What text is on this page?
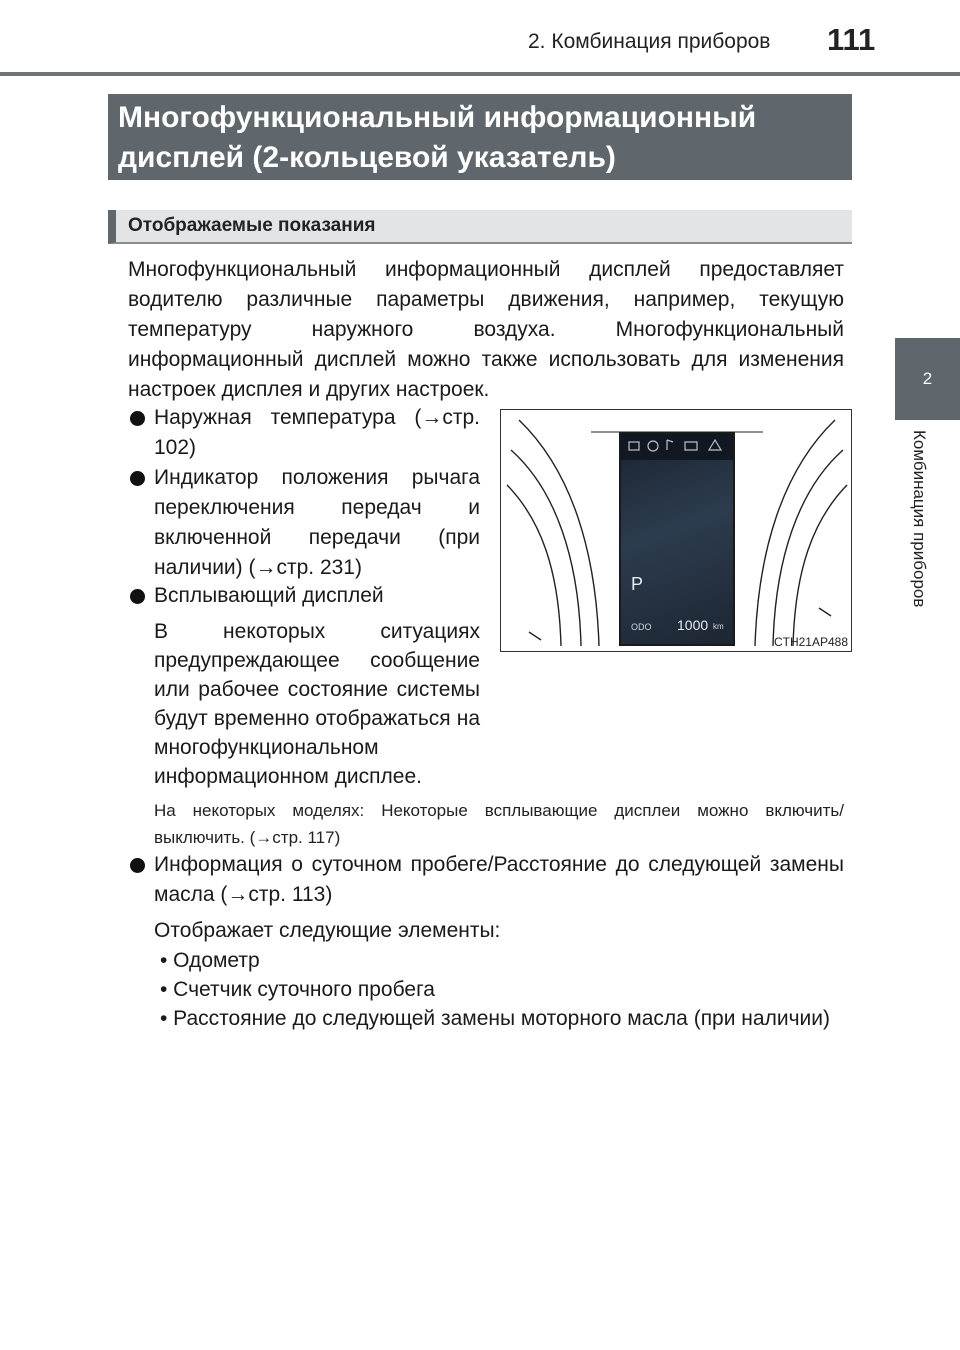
2. Комбинация приборов 111
2
Комбинация приборов
Многофункциональный информационный
дисплей (2-кольцевой указатель)
Отображаемые показания
Многофункциональный информационный дисплей предоставляет водителю различные параметры движения, например, текущую температуру наружного воздуха. Многофункциональный информационный дисплей можно также использовать для изменения настроек дисплея и других настроек.
Наружная температура (→стр. 102)
Индикатор положения рычага переключения передач и включенной передачи (при наличии) (→стр. 231)
Всплывающий дисплей
В некоторых ситуациях предупреждающее сообщение или рабочее состояние системы будут временно отображаться на многофункциональном информационном дисплее.
На некоторых моделях: Некоторые всплывающие дисплеи можно включить/выключить. (→стр. 117)
Информация о суточном пробеге/Расстояние до следующей замены масла (→стр. 113)
Отображает следующие элементы:
• Одометр
• Счетчик суточного пробега
• Расстояние до следующей замены моторного масла (при наличии)
P
ODO 1000 km
CTH21AP488
